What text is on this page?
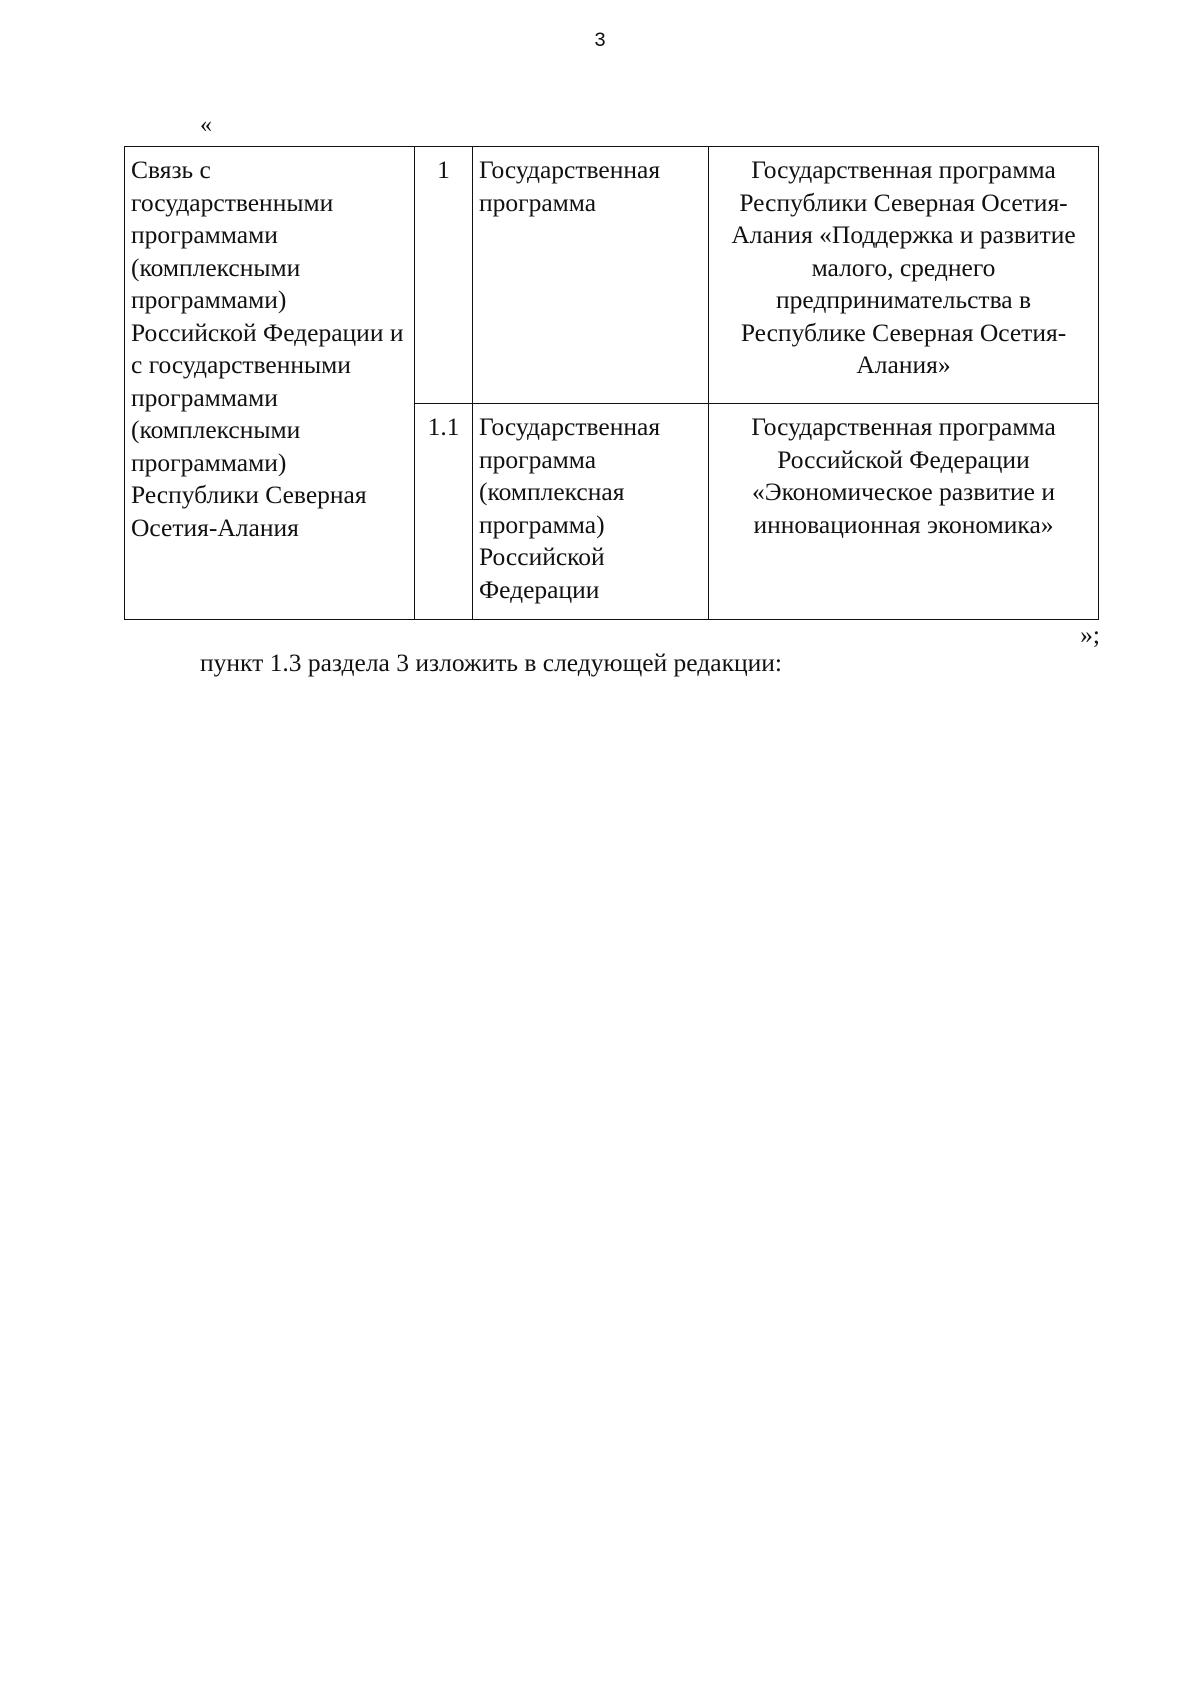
3
«
Связь с государственными программами (комплексными программами) Российской Федерации и с государственными программами (комплексными программами) Республики Северная Осетия-Алания	1	Государственная программа	Государственная программа Республики Северная Осетия-Алания «Поддержка и развитие малого, среднего предпринимательства в Республике Северная Осетия-Алания»
	1.1	Государственная программа (комплексная программа) Российской Федерации	Государственная программа Российской Федерации «Экономическое развитие и инновационная экономика»
»;
пункт 1.3 раздела 3 изложить в следующей редакции:
